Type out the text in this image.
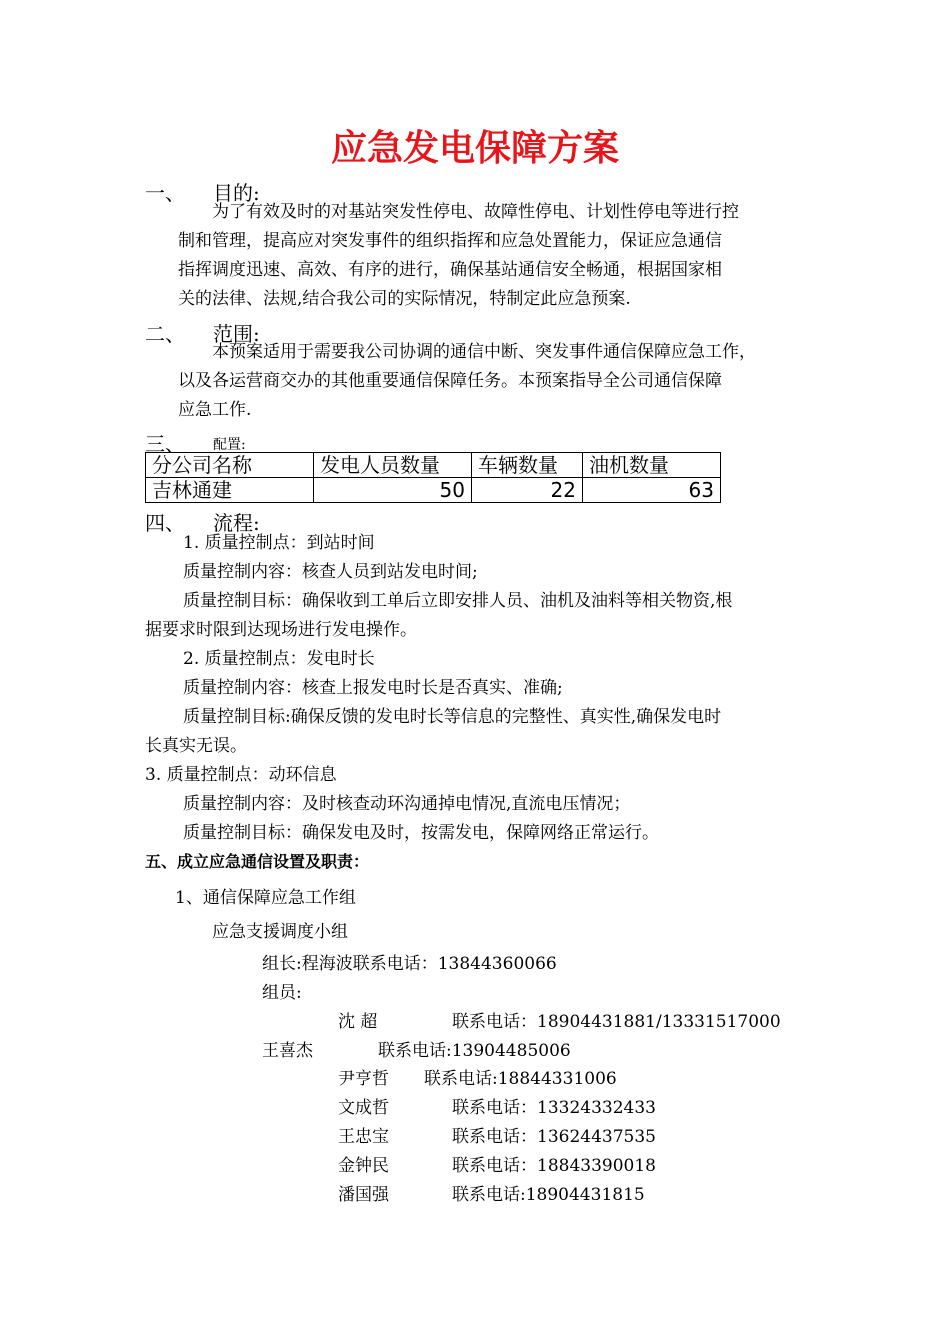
应急发电保障方案
一、 目的:
为了有效及时的对基站突发性停电、故障性停电、计划性停电等进行控
制和管理，提高应对突发事件的组织指挥和应急处置能力，保证应急通信
指挥调度迅速、高效、有序的进行，确保基站通信安全畅通，根据国家相
关的法律、法规,结合我公司的实际情况，特制定此应急预案.
二、 范围:
本预案适用于需要我公司协调的通信中断、突发事件通信保障应急工作，
以及各运营商交办的其他重要通信保障任务。本预案指导全公司通信保障
应急工作.
三、 配置:
分公司名称	发电人员数量	车辆数量	油机数量
吉林通建	50	22	63
四、 流程:
1. 质量控制点：到站时间
质量控制内容：核查人员到站发电时间;
质量控制目标：确保收到工单后立即安排人员、油机及油料等相关物资,根
据要求时限到达现场进行发电操作。
2. 质量控制点：发电时长
质量控制内容：核查上报发电时长是否真实、准确;
质量控制目标:确保反馈的发电时长等信息的完整性、真实性,确保发电时
长真实无误。
3. 质量控制点：动环信息
质量控制内容：及时核查动环沟通掉电情况,直流电压情况；
质量控制目标：确保发电及时，按需发电，保障网络正常运行。
五、成立应急通信设置及职责：
1、通信保障应急工作组
应急支援调度小组
组长:程海波联系电话：13844360066
组员:
沈 超	联系电话：18904431881/13331517000
王喜杰	联系电话:13904485006
尹亨哲 联系电话:18844331006
文成哲	联系电话：13324332433
王忠宝	联系电话：13624437535
金钟民	联系电话：18843390018
潘国强	联系电话:18904431815
